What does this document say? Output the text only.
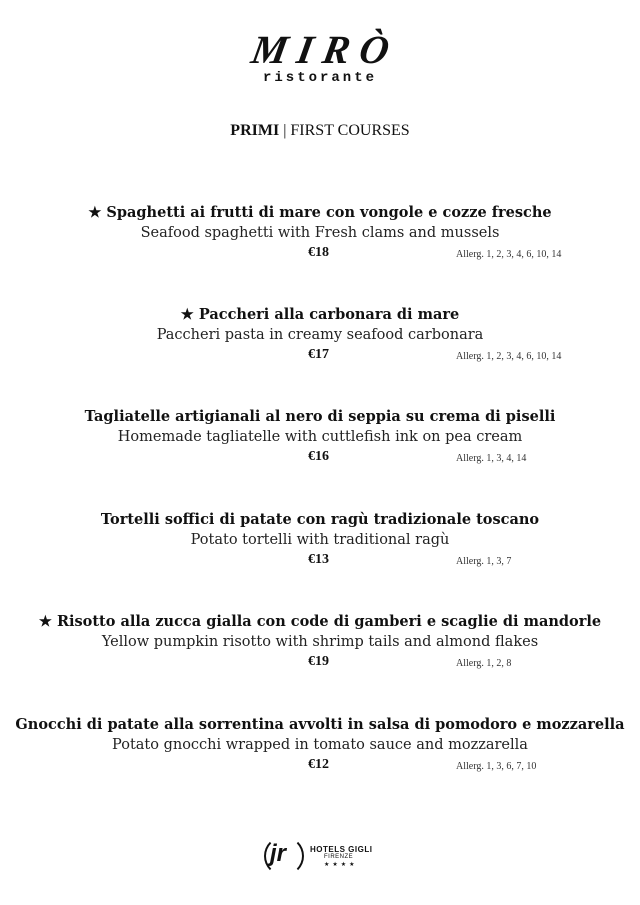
MIRÒ
ristorante
PRIMI | FIRST COURSES
★ Spaghetti ai frutti di mare con vongole e cozze fresche
Seafood spaghetti with Fresh clams and mussels
€18	Allerg. 1, 2, 3, 4, 6, 10, 14
★ Paccheri alla carbonara di mare
Paccheri pasta in creamy seafood carbonara
€17	Allerg. 1, 2, 3, 4, 6, 10, 14
Tagliatelle artigianali al nero di seppia su crema di piselli
Homemade tagliatelle with cuttlefish ink on pea cream
€16	Allerg. 1, 3, 4, 14
Tortelli soffici di patate con ragù tradizionale toscano
Potato tortelli with traditional ragù
€13	Allerg. 1, 3, 7
★ Risotto alla zucca gialla con code di gamberi e scaglie di mandorle
Yellow pumpkin risotto with shrimp tails and almond flakes
€19	Allerg. 1, 2, 8
Gnocchi di patate alla sorrentina avvolti in salsa di pomodoro e mozzarella
Potato gnocchi wrapped in tomato sauce and mozzarella
€12	Allerg. 1, 3, 6, 7, 10
jr	HOTELS GIGLI
FIRENZE
★★★★
